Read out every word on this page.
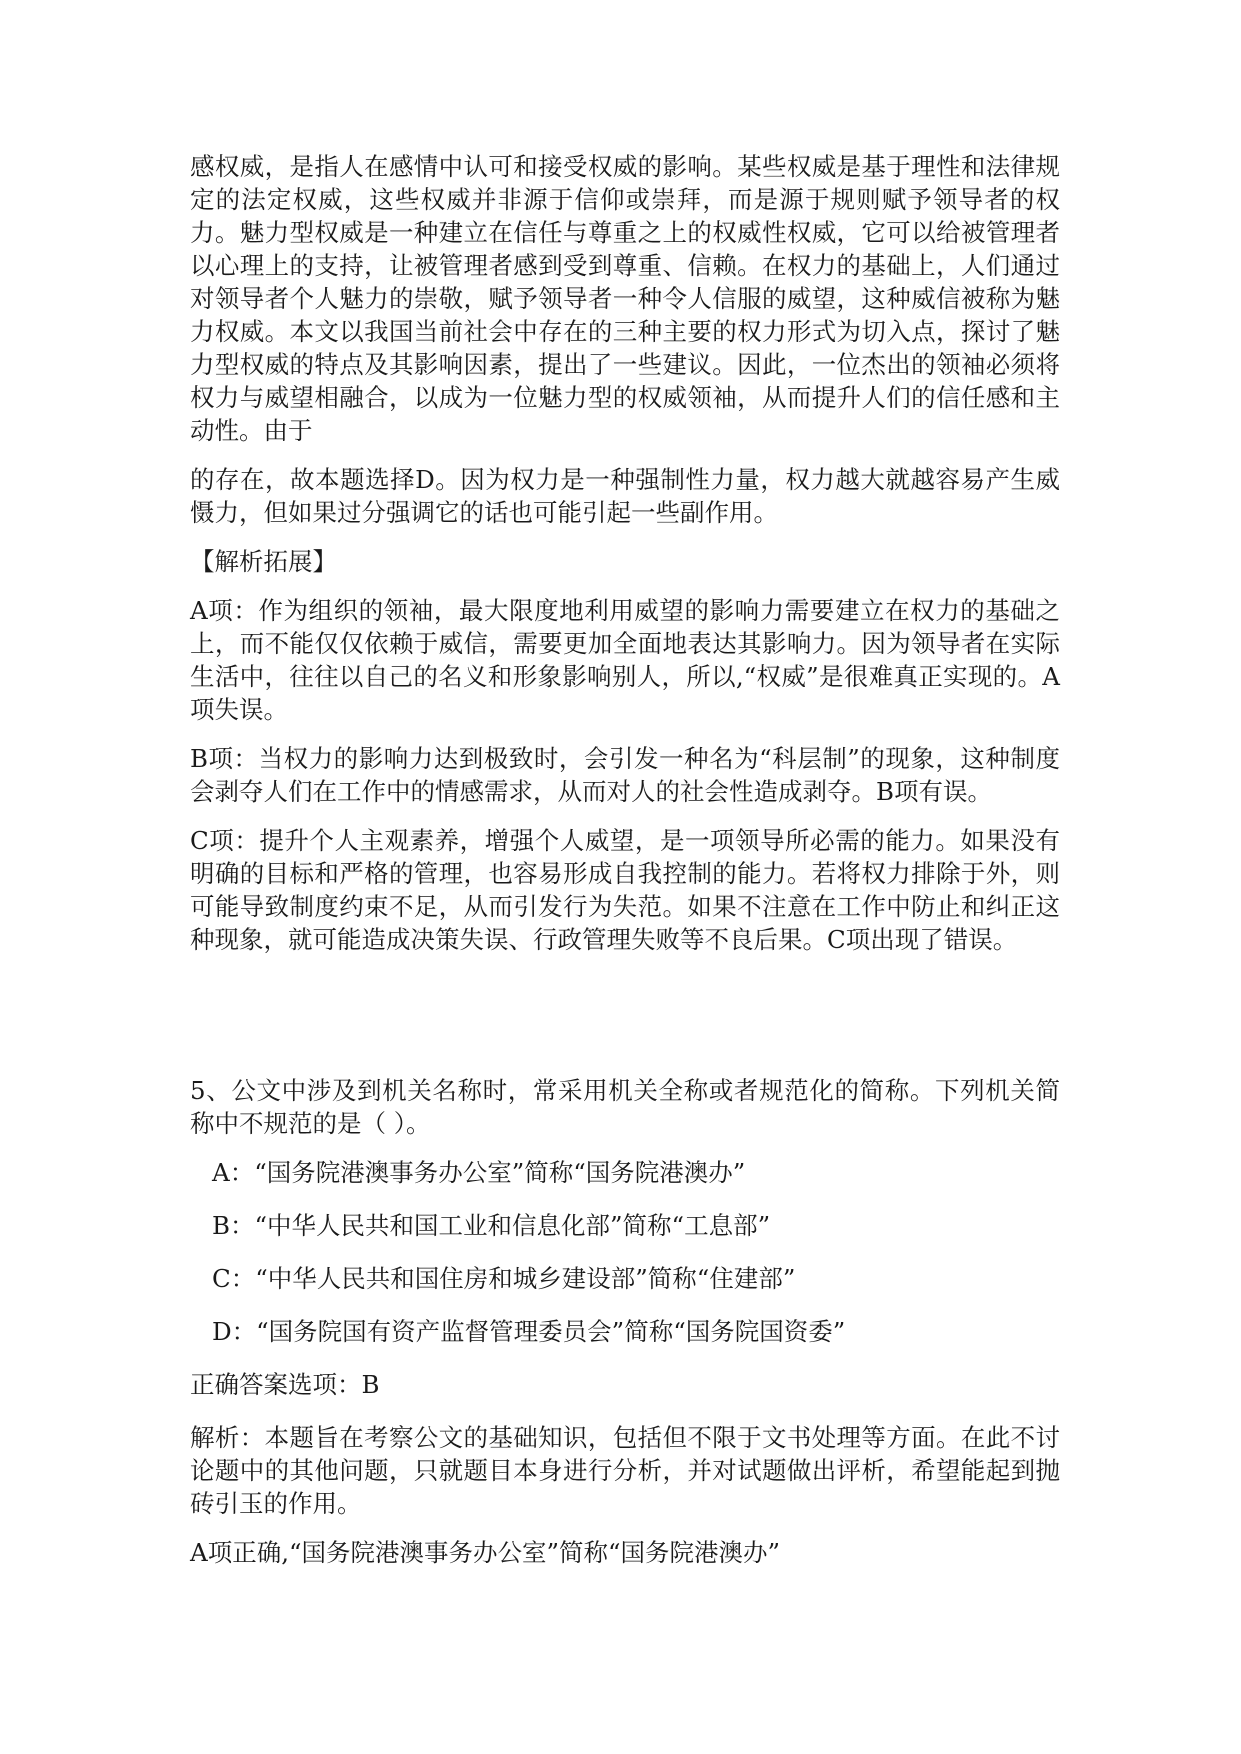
感权威，是指人在感情中认可和接受权威的影响。某些权威是基于理性和法律规定的法定权威，这些权威并非源于信仰或崇拜，而是源于规则赋予领导者的权力。魅力型权威是一种建立在信任与尊重之上的权威性权威，它可以给被管理者以心理上的支持，让被管理者感到受到尊重、信赖。在权力的基础上，人们通过对领导者个人魅力的崇敬，赋予领导者一种令人信服的威望，这种威信被称为魅力权威。本文以我国当前社会中存在的三种主要的权力形式为切入点，探讨了魅力型权威的特点及其影响因素，提出了一些建议。因此，一位杰出的领袖必须将权力与威望相融合，以成为一位魅力型的权威领袖，从而提升人们的信任感和主动性。由于

的存在，故本题选择D。因为权力是一种强制性力量，权力越大就越容易产生威慑力，但如果过分强调它的话也可能引起一些副作用。

【解析拓展】

A项：作为组织的领袖，最大限度地利用威望的影响力需要建立在权力的基础之上，而不能仅仅依赖于威信，需要更加全面地表达其影响力。因为领导者在实际生活中，往往以自己的名义和形象影响别人，所以,“权威”是很难真正实现的。A项失误。

B项：当权力的影响力达到极致时，会引发一种名为“科层制”的现象，这种制度会剥夺人们在工作中的情感需求，从而对人的社会性造成剥夺。B项有误。

C项：提升个人主观素养，增强个人威望，是一项领导所必需的能力。如果没有明确的目标和严格的管理，也容易形成自我控制的能力。若将权力排除于外，则可能导致制度约束不足，从而引发行为失范。如果不注意在工作中防止和纠正这种现象，就可能造成决策失误、行政管理失败等不良后果。C项出现了错误。

5、公文中涉及到机关名称时，常采用机关全称或者规范化的简称。下列机关简称中不规范的是（ ）。

A：“国务院港澳事务办公室”简称“国务院港澳办”

B：“中华人民共和国工业和信息化部”简称“工息部”

C：“中华人民共和国住房和城乡建设部”简称“住建部”

D：“国务院国有资产监督管理委员会”简称“国务院国资委”

正确答案选项：B

解析：本题旨在考察公文的基础知识，包括但不限于文书处理等方面。在此不讨论题中的其他问题，只就题目本身进行分析，并对试题做出评析，希望能起到抛砖引玉的作用。

A项正确,“国务院港澳事务办公室”简称“国务院港澳办”
